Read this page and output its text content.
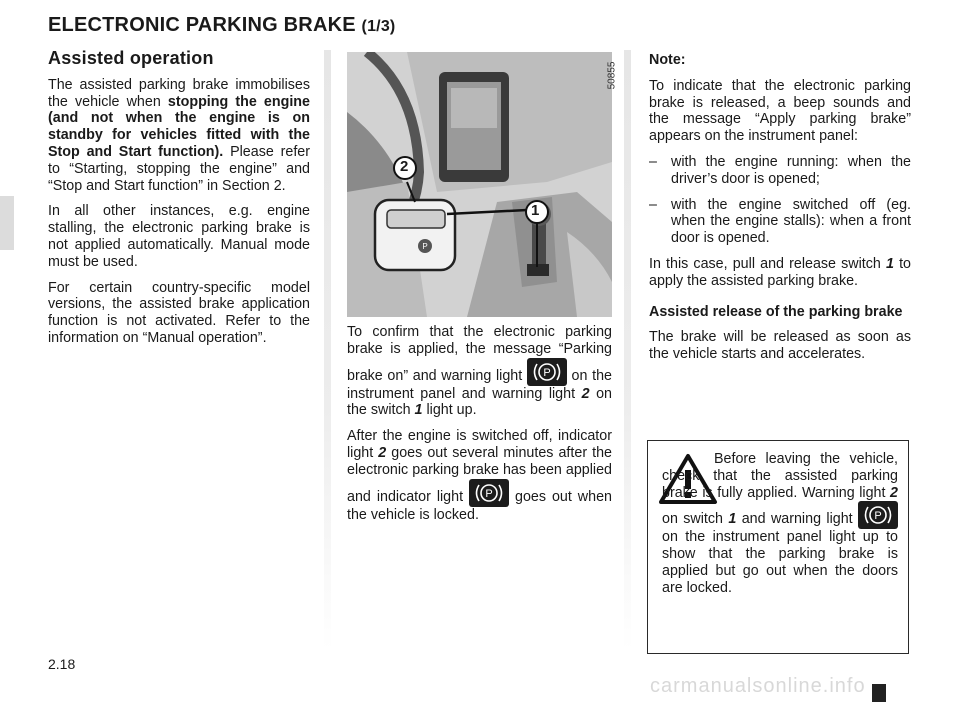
ELECTRONIC PARKING BRAKE (1/3)
Assisted operation

The assisted parking brake immobilises the vehicle when stopping the engine (and not when the engine is on standby for vehicles fitted with the Stop and Start function). Please refer to “Starting, stopping the engine” and “Stop and Start function” in Section 2.

In all other instances, e.g. engine stalling, the electronic parking brake is not applied automatically. Manual mode must be used.

For certain country-specific model versions, the assisted brake application function is not activated. Refer to the information on “Manual operation”.

P
1
2
50855

To confirm that the electronic parking brake is applied, the message “Parking brake on” and warning light P on the instrument panel and warning light 2 on the switch 1 light up.

After the engine is switched off, indicator light 2 goes out several minutes after the electronic parking brake has been applied and indicator light P goes out when the vehicle is locked.

Note:

To indicate that the electronic parking brake is released, a beep sounds and the message “Apply parking brake” appears on the instrument panel:

– with the engine running: when the driver’s door is opened;
– with the engine switched off (eg. when the engine stalls): when a front door is opened.

In this case, pull and release switch 1 to apply the assisted parking brake.

Assisted release of the parking brake

The brake will be released as soon as the vehicle starts and accelerates.

Before leaving the vehicle, check that the assisted parking brake is fully applied. Warning light 2 on switch 1 and warning light P
on the instrument panel light up to show that the parking brake is applied but go out when the doors are locked.

2.18
carmanualsonline.info
